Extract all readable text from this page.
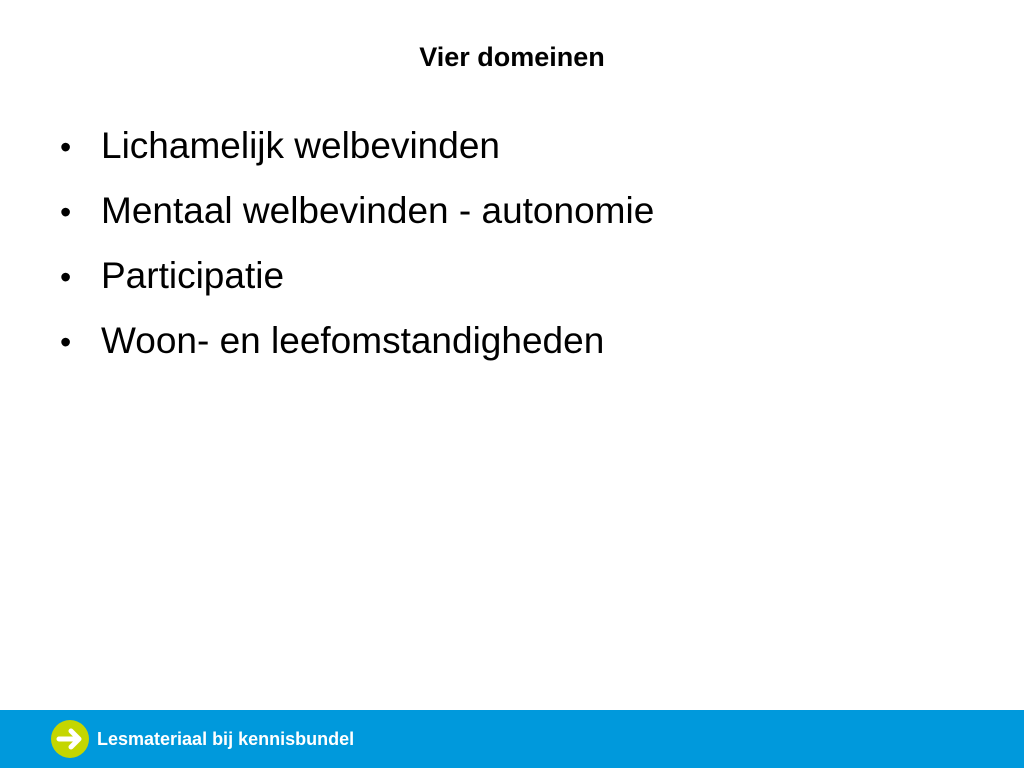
Vier domeinen
• Lichamelijk welbevinden
• Mentaal welbevinden - autonomie
• Participatie
• Woon- en leefomstandigheden
Lesmateriaal bij kennisbundel
